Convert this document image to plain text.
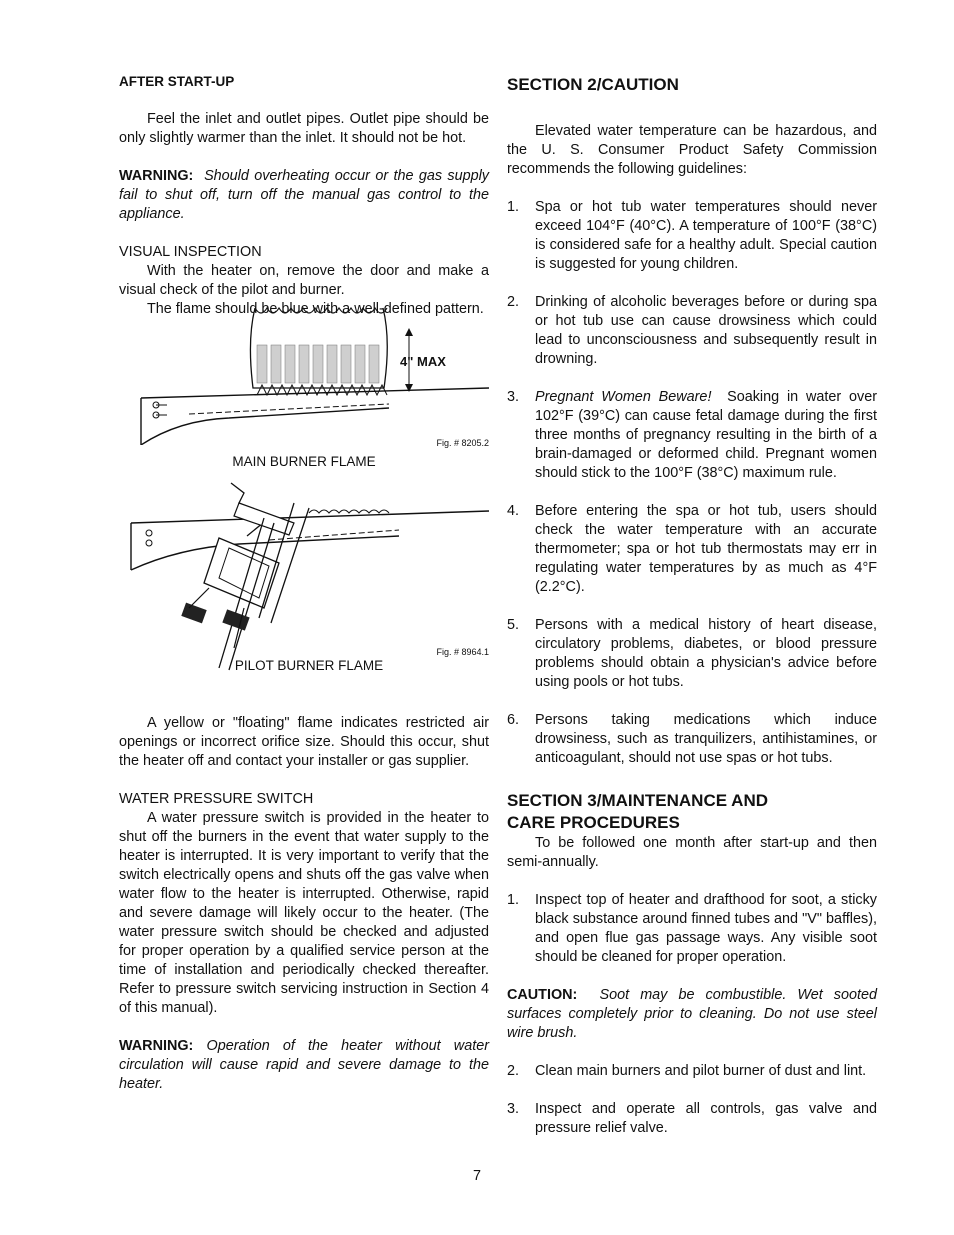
AFTER START-UP

Feel the inlet and outlet pipes. Outlet pipe should be only slightly warmer than the inlet. It should not be hot.

WARNING: Should overheating occur or the gas supply fail to shut off, turn off the manual gas control to the appliance.

VISUAL INSPECTION

With the heater on, remove the door and make a visual check of the pilot and burner.

The flame should be blue with a well-defined pattern.

4" MAX
Fig. # 8205.2
MAIN BURNER FLAME
Fig. # 8964.1
PILOT BURNER FLAME

A yellow or "floating" flame indicates restricted air openings or incorrect orifice size. Should this occur, shut the heater off and contact your installer or gas supplier.

WATER PRESSURE SWITCH

A water pressure switch is provided in the heater to shut off the burners in the event that water supply to the heater is interrupted. It is very important to verify that the switch electrically opens and shuts off the gas valve when water flow to the heater is interrupted. Otherwise, rapid and severe damage will likely occur to the heater. (The water pressure switch should be checked and adjusted for proper operation by a qualified service person at the time of installation and periodically checked thereafter. Refer to pressure switch servicing instruction in Section 4 of this manual).

WARNING: Operation of the heater without water circulation will cause rapid and severe damage to the heater.

SECTION 2/CAUTION

Elevated water temperature can be hazardous, and the U. S. Consumer Product Safety Commission recommends the following guidelines:

1.	Spa or hot tub water temperatures should never exceed 104°F (40°C). A temperature of 100°F (38°C) is considered safe for a healthy adult. Special caution is suggested for young children.

2.	Drinking of alcoholic beverages before or during spa or hot tub use can cause drowsiness which could lead to unconsciousness and subsequently result in drowning.

3.	Pregnant Women Beware! Soaking in water over 102°F (39°C) can cause fetal damage during the first three months of pregnancy resulting in the birth of a brain-damaged or deformed child. Pregnant women should stick to the 100°F (38°C) maximum rule.

4.	Before entering the spa or hot tub, users should check the water temperature with an accurate thermometer; spa or hot tub thermostats may err in regulating water temperatures by as much as 4°F (2.2°C).

5.	Persons with a medical history of heart disease, circulatory problems, diabetes, or blood pressure problems should obtain a physician's advice before using pools or hot tubs.

6.	Persons taking medications which induce drowsiness, such as tranquilizers, antihistamines, or anticoagulant, should not use spas or hot tubs.

SECTION 3/MAINTENANCE AND

CARE PROCEDURES

To be followed one month after start-up and then semi-annually.

1.	Inspect top of heater and drafthood for soot, a sticky black substance around finned tubes and "V" baffles), and open flue gas passage ways. Any visible soot should be cleaned for proper operation.

CAUTION: Soot may be combustible. Wet sooted surfaces completely prior to cleaning. Do not use steel wire brush.

2.	Clean main burners and pilot burner of dust and lint.

3.	Inspect and operate all controls, gas valve and pressure relief valve.

7
